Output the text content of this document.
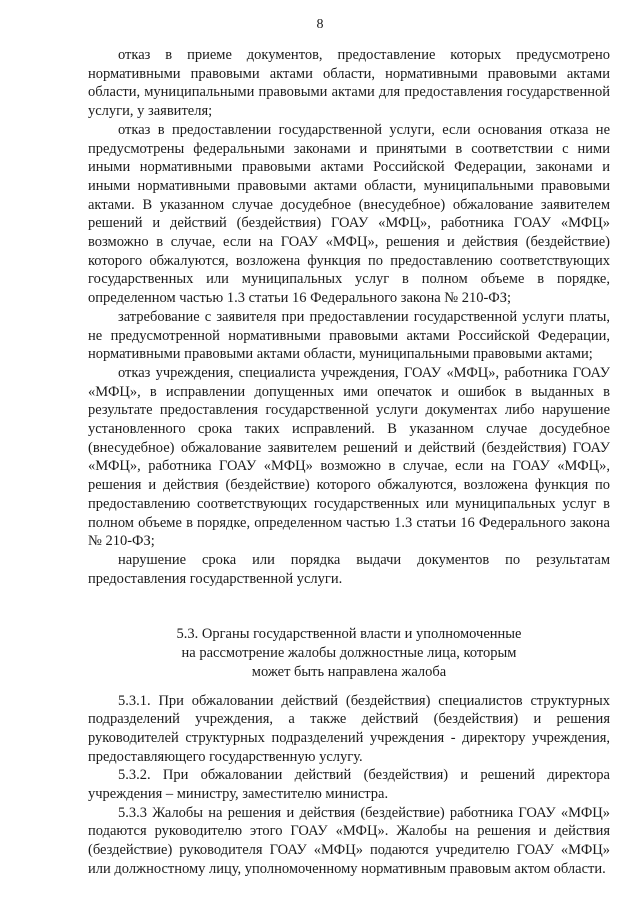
8

отказ в приеме документов, предоставление которых предусмотрено нормативными правовыми актами области, нормативными правовыми актами области, муниципальными правовыми актами для предоставления государственной услуги, у заявителя;

отказ в предоставлении государственной услуги, если основания отказа не предусмотрены федеральными законами и принятыми в соответствии с ними иными нормативными правовыми актами Российской Федерации, законами и иными нормативными правовыми актами области, муниципальными правовыми актами. В указанном случае досудебное (внесудебное) обжалование заявителем решений и действий (бездействия) ГОАУ «МФЦ», работника ГОАУ «МФЦ» возможно в случае, если на ГОАУ «МФЦ», решения и действия (бездействие) которого обжалуются, возложена функция по предоставлению соответствующих государственных или муниципальных услуг в полном объеме в порядке, определенном частью 1.3 статьи 16 Федерального закона № 210-ФЗ;

затребование с заявителя при предоставлении государственной услуги платы, не предусмотренной нормативными правовыми актами Российской Федерации, нормативными правовыми актами области, муниципальными правовыми актами;

отказ учреждения, специалиста учреждения, ГОАУ «МФЦ», работника ГОАУ «МФЦ», в исправлении допущенных ими опечаток и ошибок в выданных в результате предоставления государственной услуги документах либо нарушение установленного срока таких исправлений. В указанном случае досудебное (внесудебное) обжалование заявителем решений и действий (бездействия) ГОАУ «МФЦ», работника ГОАУ «МФЦ» возможно в случае, если на ГОАУ «МФЦ», решения и действия (бездействие) которого обжалуются, возложена функция по предоставлению соответствующих государственных или муниципальных услуг в полном объеме в порядке, определенном частью 1.3 статьи 16 Федерального закона № 210-ФЗ;

нарушение срока или порядка выдачи документов по результатам предоставления государственной услуги.

5.3. Органы государственной власти и уполномоченные
на рассмотрение жалобы должностные лица, которым
может быть направлена жалоба

5.3.1. При обжаловании действий (бездействия) специалистов структурных подразделений учреждения, а также действий (бездействия) и решения руководителей структурных подразделений учреждения - директору учреждения, предоставляющего государственную услугу.

5.3.2. При обжаловании действий (бездействия) и решений директора учреждения – министру, заместителю министра.

5.3.3 Жалобы на решения и действия (бездействие) работника ГОАУ «МФЦ» подаются руководителю этого ГОАУ «МФЦ». Жалобы на решения и действия (бездействие) руководителя ГОАУ «МФЦ» подаются учредителю ГОАУ «МФЦ» или должностному лицу, уполномоченному нормативным правовым актом области.
